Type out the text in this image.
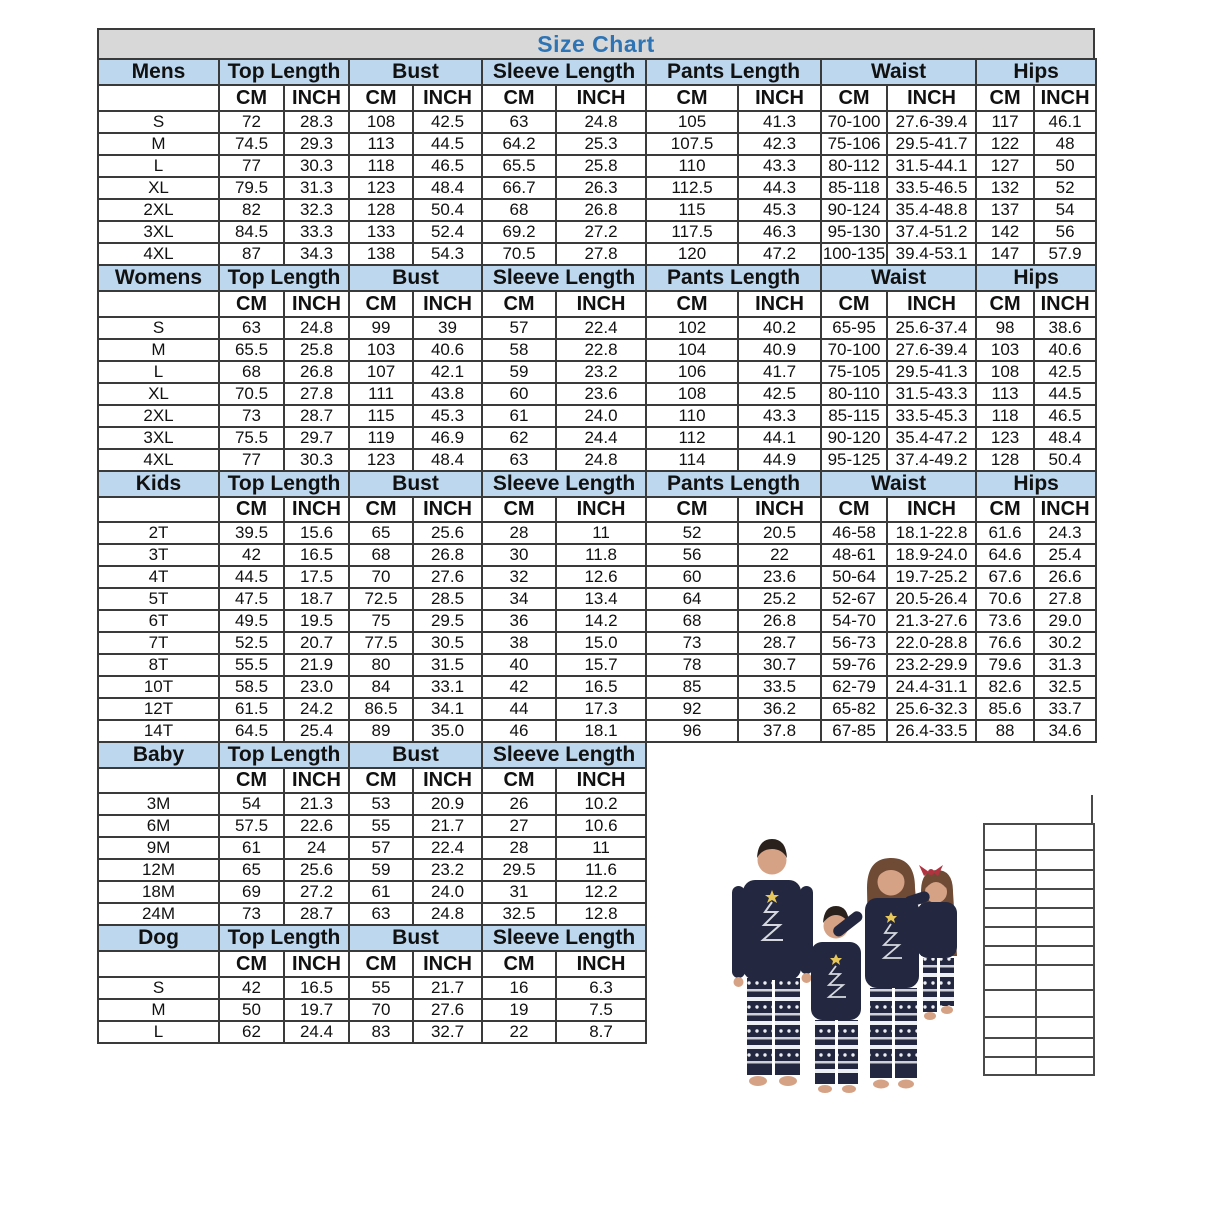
Size Chart
Mens	Top Length		Bust		Sleeve Length		Pants Length		Waist		Hips	
	CM	INCH	CM	INCH	CM	INCH	CM	INCH	CM	INCH	CM	INCH
S	72	28.3	108	42.5	63	24.8	105	41.3	70-100	27.6-39.4	117	46.1
M	74.5	29.3	113	44.5	64.2	25.3	107.5	42.3	75-106	29.5-41.7	122	48
L	77	30.3	118	46.5	65.5	25.8	110	43.3	80-112	31.5-44.1	127	50
XL	79.5	31.3	123	48.4	66.7	26.3	112.5	44.3	85-118	33.5-46.5	132	52
2XL	82	32.3	128	50.4	68	26.8	115	45.3	90-124	35.4-48.8	137	54
3XL	84.5	33.3	133	52.4	69.2	27.2	117.5	46.3	95-130	37.4-51.2	142	56
4XL	87	34.3	138	54.3	70.5	27.8	120	47.2	100-135	39.4-53.1	147	57.9
Womens	Top Length		Bust		Sleeve Length		Pants Length		Waist		Hips	
	CM	INCH	CM	INCH	CM	INCH	CM	INCH	CM	INCH	CM	INCH
S	63	24.8	99	39	57	22.4	102	40.2	65-95	25.6-37.4	98	38.6
M	65.5	25.8	103	40.6	58	22.8	104	40.9	70-100	27.6-39.4	103	40.6
L	68	26.8	107	42.1	59	23.2	106	41.7	75-105	29.5-41.3	108	42.5
XL	70.5	27.8	111	43.8	60	23.6	108	42.5	80-110	31.5-43.3	113	44.5
2XL	73	28.7	115	45.3	61	24.0	110	43.3	85-115	33.5-45.3	118	46.5
3XL	75.5	29.7	119	46.9	62	24.4	112	44.1	90-120	35.4-47.2	123	48.4
4XL	77	30.3	123	48.4	63	24.8	114	44.9	95-125	37.4-49.2	128	50.4
Kids	Top Length		Bust		Sleeve Length		Pants Length		Waist		Hips	
	CM	INCH	CM	INCH	CM	INCH	CM	INCH	CM	INCH	CM	INCH
2T	39.5	15.6	65	25.6	28	11	52	20.5	46-58	18.1-22.8	61.6	24.3
3T	42	16.5	68	26.8	30	11.8	56	22	48-61	18.9-24.0	64.6	25.4
4T	44.5	17.5	70	27.6	32	12.6	60	23.6	50-64	19.7-25.2	67.6	26.6
5T	47.5	18.7	72.5	28.5	34	13.4	64	25.2	52-67	20.5-26.4	70.6	27.8
6T	49.5	19.5	75	29.5	36	14.2	68	26.8	54-70	21.3-27.6	73.6	29.0
7T	52.5	20.7	77.5	30.5	38	15.0	73	28.7	56-73	22.0-28.8	76.6	30.2
8T	55.5	21.9	80	31.5	40	15.7	78	30.7	59-76	23.2-29.9	79.6	31.3
10T	58.5	23.0	84	33.1	42	16.5	85	33.5	62-79	24.4-31.1	82.6	32.5
12T	61.5	24.2	86.5	34.1	44	17.3	92	36.2	65-82	25.6-32.3	85.6	33.7
14T	64.5	25.4	89	35.0	46	18.1	96	37.8	67-85	26.4-33.5	88	34.6
Baby	Top Length		Bust		Sleeve Length	
	CM	INCH	CM	INCH	CM	INCH
3M	54	21.3	53	20.9	26	10.2
6M	57.5	22.6	55	21.7	27	10.6
9M	61	24	57	22.4	28	11
12M	65	25.6	59	23.2	29.5	11.6
18M	69	27.2	61	24.0	31	12.2
24M	73	28.7	63	24.8	32.5	12.8
Dog	Top Length		Bust		Sleeve Length	
	CM	INCH	CM	INCH	CM	INCH
S	42	16.5	55	21.7	16	6.3
M	50	19.7	70	27.6	19	7.5
L	62	24.4	83	32.7	22	8.7
